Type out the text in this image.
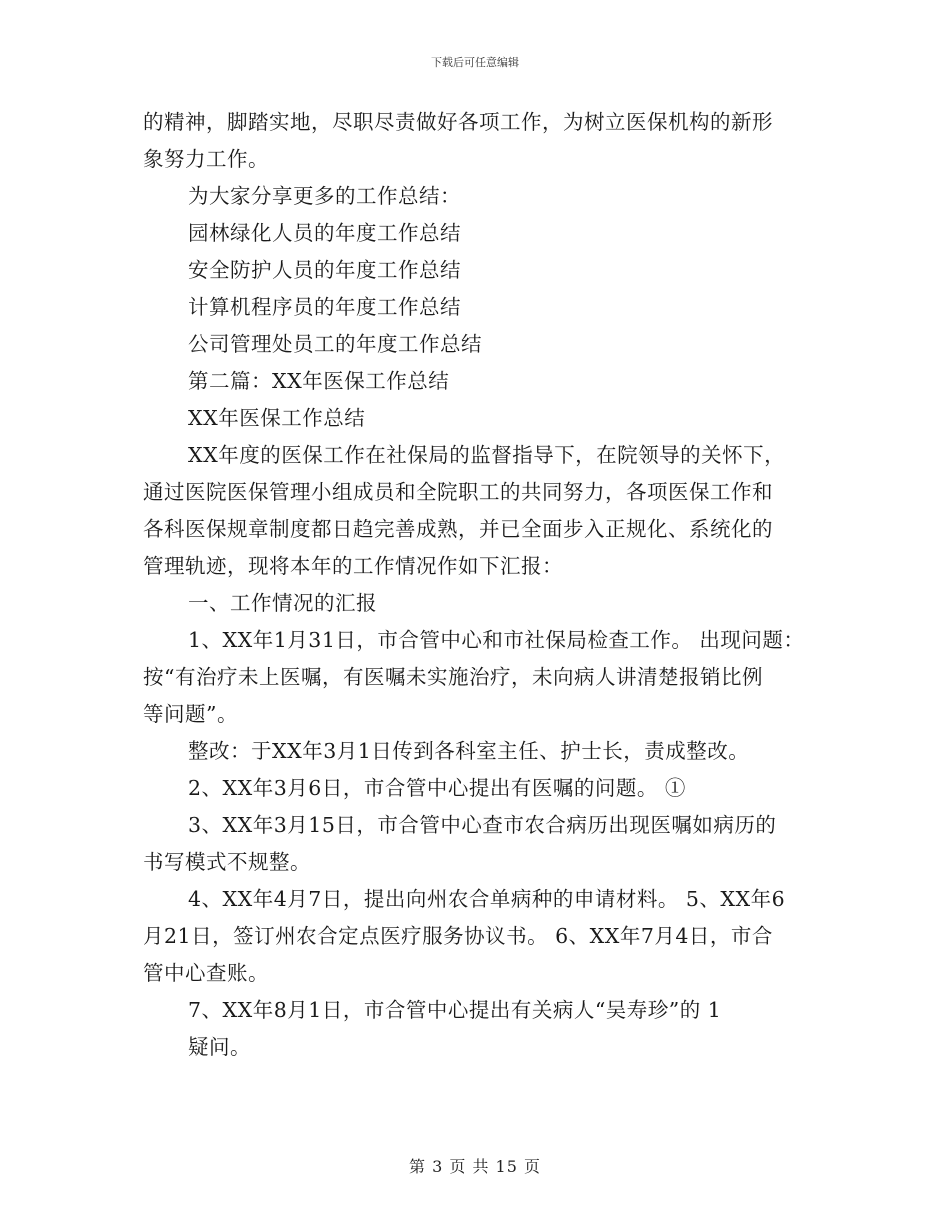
下载后可任意编辑
的精神，脚踏实地，尽职尽责做好各项工作，为树立医保机构的新形
象努力工作。
为大家分享更多的工作总结：
园林绿化人员的年度工作总结
安全防护人员的年度工作总结
计算机程序员的年度工作总结
公司管理处员工的年度工作总结
第二篇：XX年医保工作总结
XX年医保工作总结
XX年度的医保工作在社保局的监督指导下，在院领导的关怀下，
通过医院医保管理小组成员和全院职工的共同努力，各项医保工作和
各科医保规章制度都日趋完善成熟，并已全面步入正规化、系统化的
管理轨迹，现将本年的工作情况作如下汇报：
一、工作情况的汇报
1、XX年1月31日，市合管中心和市社保局检查工作。 出现问题：
按“有治疗未上医嘱，有医嘱未实施治疗，未向病人讲清楚报销比例
等问题”。
整改：于XX年3月1日传到各科室主任、护士长，责成整改。
2、XX年3月6日，市合管中心提出有医嘱的问题。 ①
3、XX年3月15日，市合管中心查市农合病历出现医嘱如病历的
书写模式不规整。
4、XX年4月7日，提出向州农合单病种的申请材料。 5、XX年6
月21日，签订州农合定点医疗服务协议书。 6、XX年7月4日，市合
管中心查账。
7、XX年8月1日，市合管中心提出有关病人“吴寿珍”的 1
疑问。
第 3 页 共 15 页
